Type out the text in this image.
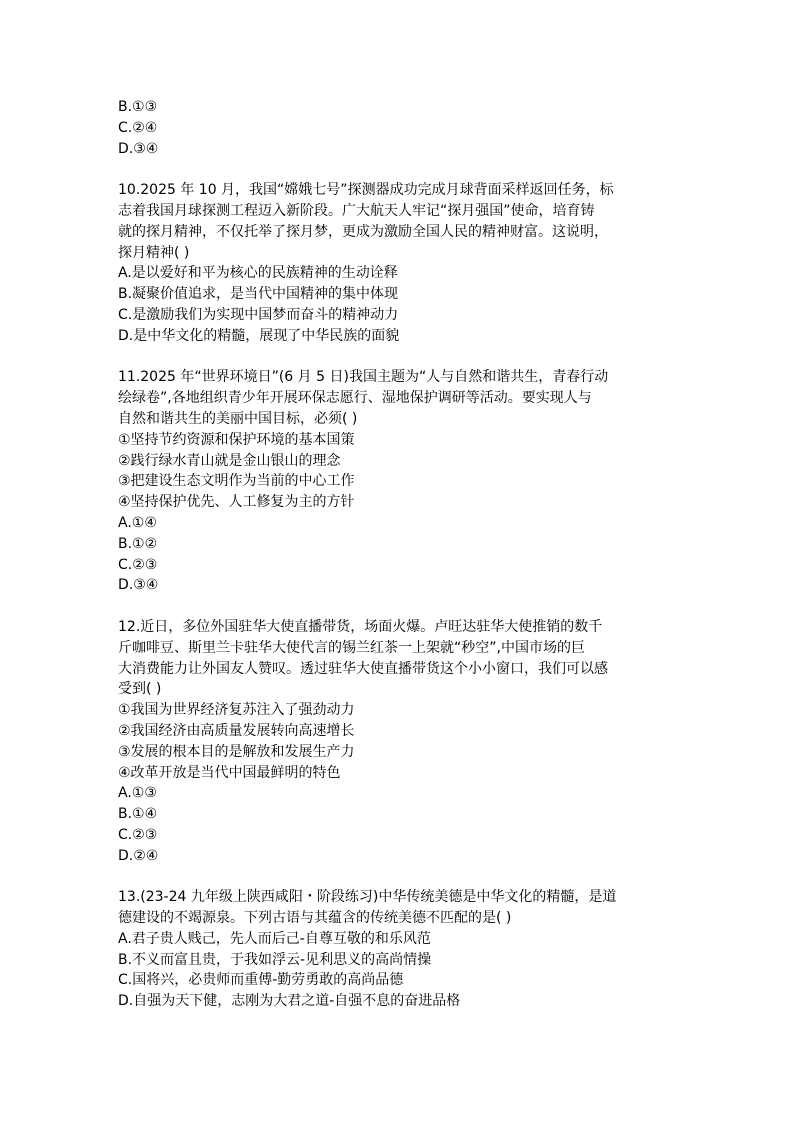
B.①③
C.②④
D.③④
10.2025 年 10 月，我国“嫦娥七号”探测器成功完成月球背面采样返回任务，标
志着我国月球探测工程迈入新阶段。广大航天人牢记“探月强国”使命，培育铸
就的探月精神，不仅托举了探月梦，更成为激励全国人民的精神财富。这说明，
探月精神( )
A.是以爱好和平为核心的民族精神的生动诠释
B.凝聚价值追求，是当代中国精神的集中体现
C.是激励我们为实现中国梦而奋斗的精神动力
D.是中华文化的精髓，展现了中华民族的面貌
11.2025 年“世界环境日”(6 月 5 日)我国主题为“人与自然和谐共生，青春行动
绘绿卷”,各地组织青少年开展环保志愿行、湿地保护调研等活动。要实现人与
自然和谐共生的美丽中国目标，必须( )
①坚持节约资源和保护环境的基本国策
②践行绿水青山就是金山银山的理念
③把建设生态文明作为当前的中心工作
④坚持保护优先、人工修复为主的方针
A.①④
B.①②
C.②③
D.③④
12.近日，多位外国驻华大使直播带货，场面火爆。卢旺达驻华大使推销的数千
斤咖啡豆、斯里兰卡驻华大使代言的锡兰红茶一上架就“秒空”,中国市场的巨
大消费能力让外国友人赞叹。透过驻华大使直播带货这个小小窗口，我们可以感
受到( )
①我国为世界经济复苏注入了强劲动力
②我国经济由高质量发展转向高速增长
③发展的根本目的是解放和发展生产力
④改革开放是当代中国最鲜明的特色
A.①③
B.①④
C.②③
D.②④
13.(23-24 九年级上陕西咸阳・阶段练习)中华传统美德是中华文化的精髓，是道
德建设的不竭源泉。下列古语与其蕴含的传统美德不匹配的是( )
A.君子贵人贱己，先人而后己-自尊互敬的和乐风范
B.不义而富且贵，于我如浮云-见利思义的高尚情操
C.国将兴，必贵师而重傅-勤劳勇敢的高尚品德
D.自强为天下健，志刚为大君之道-自强不息的奋进品格
